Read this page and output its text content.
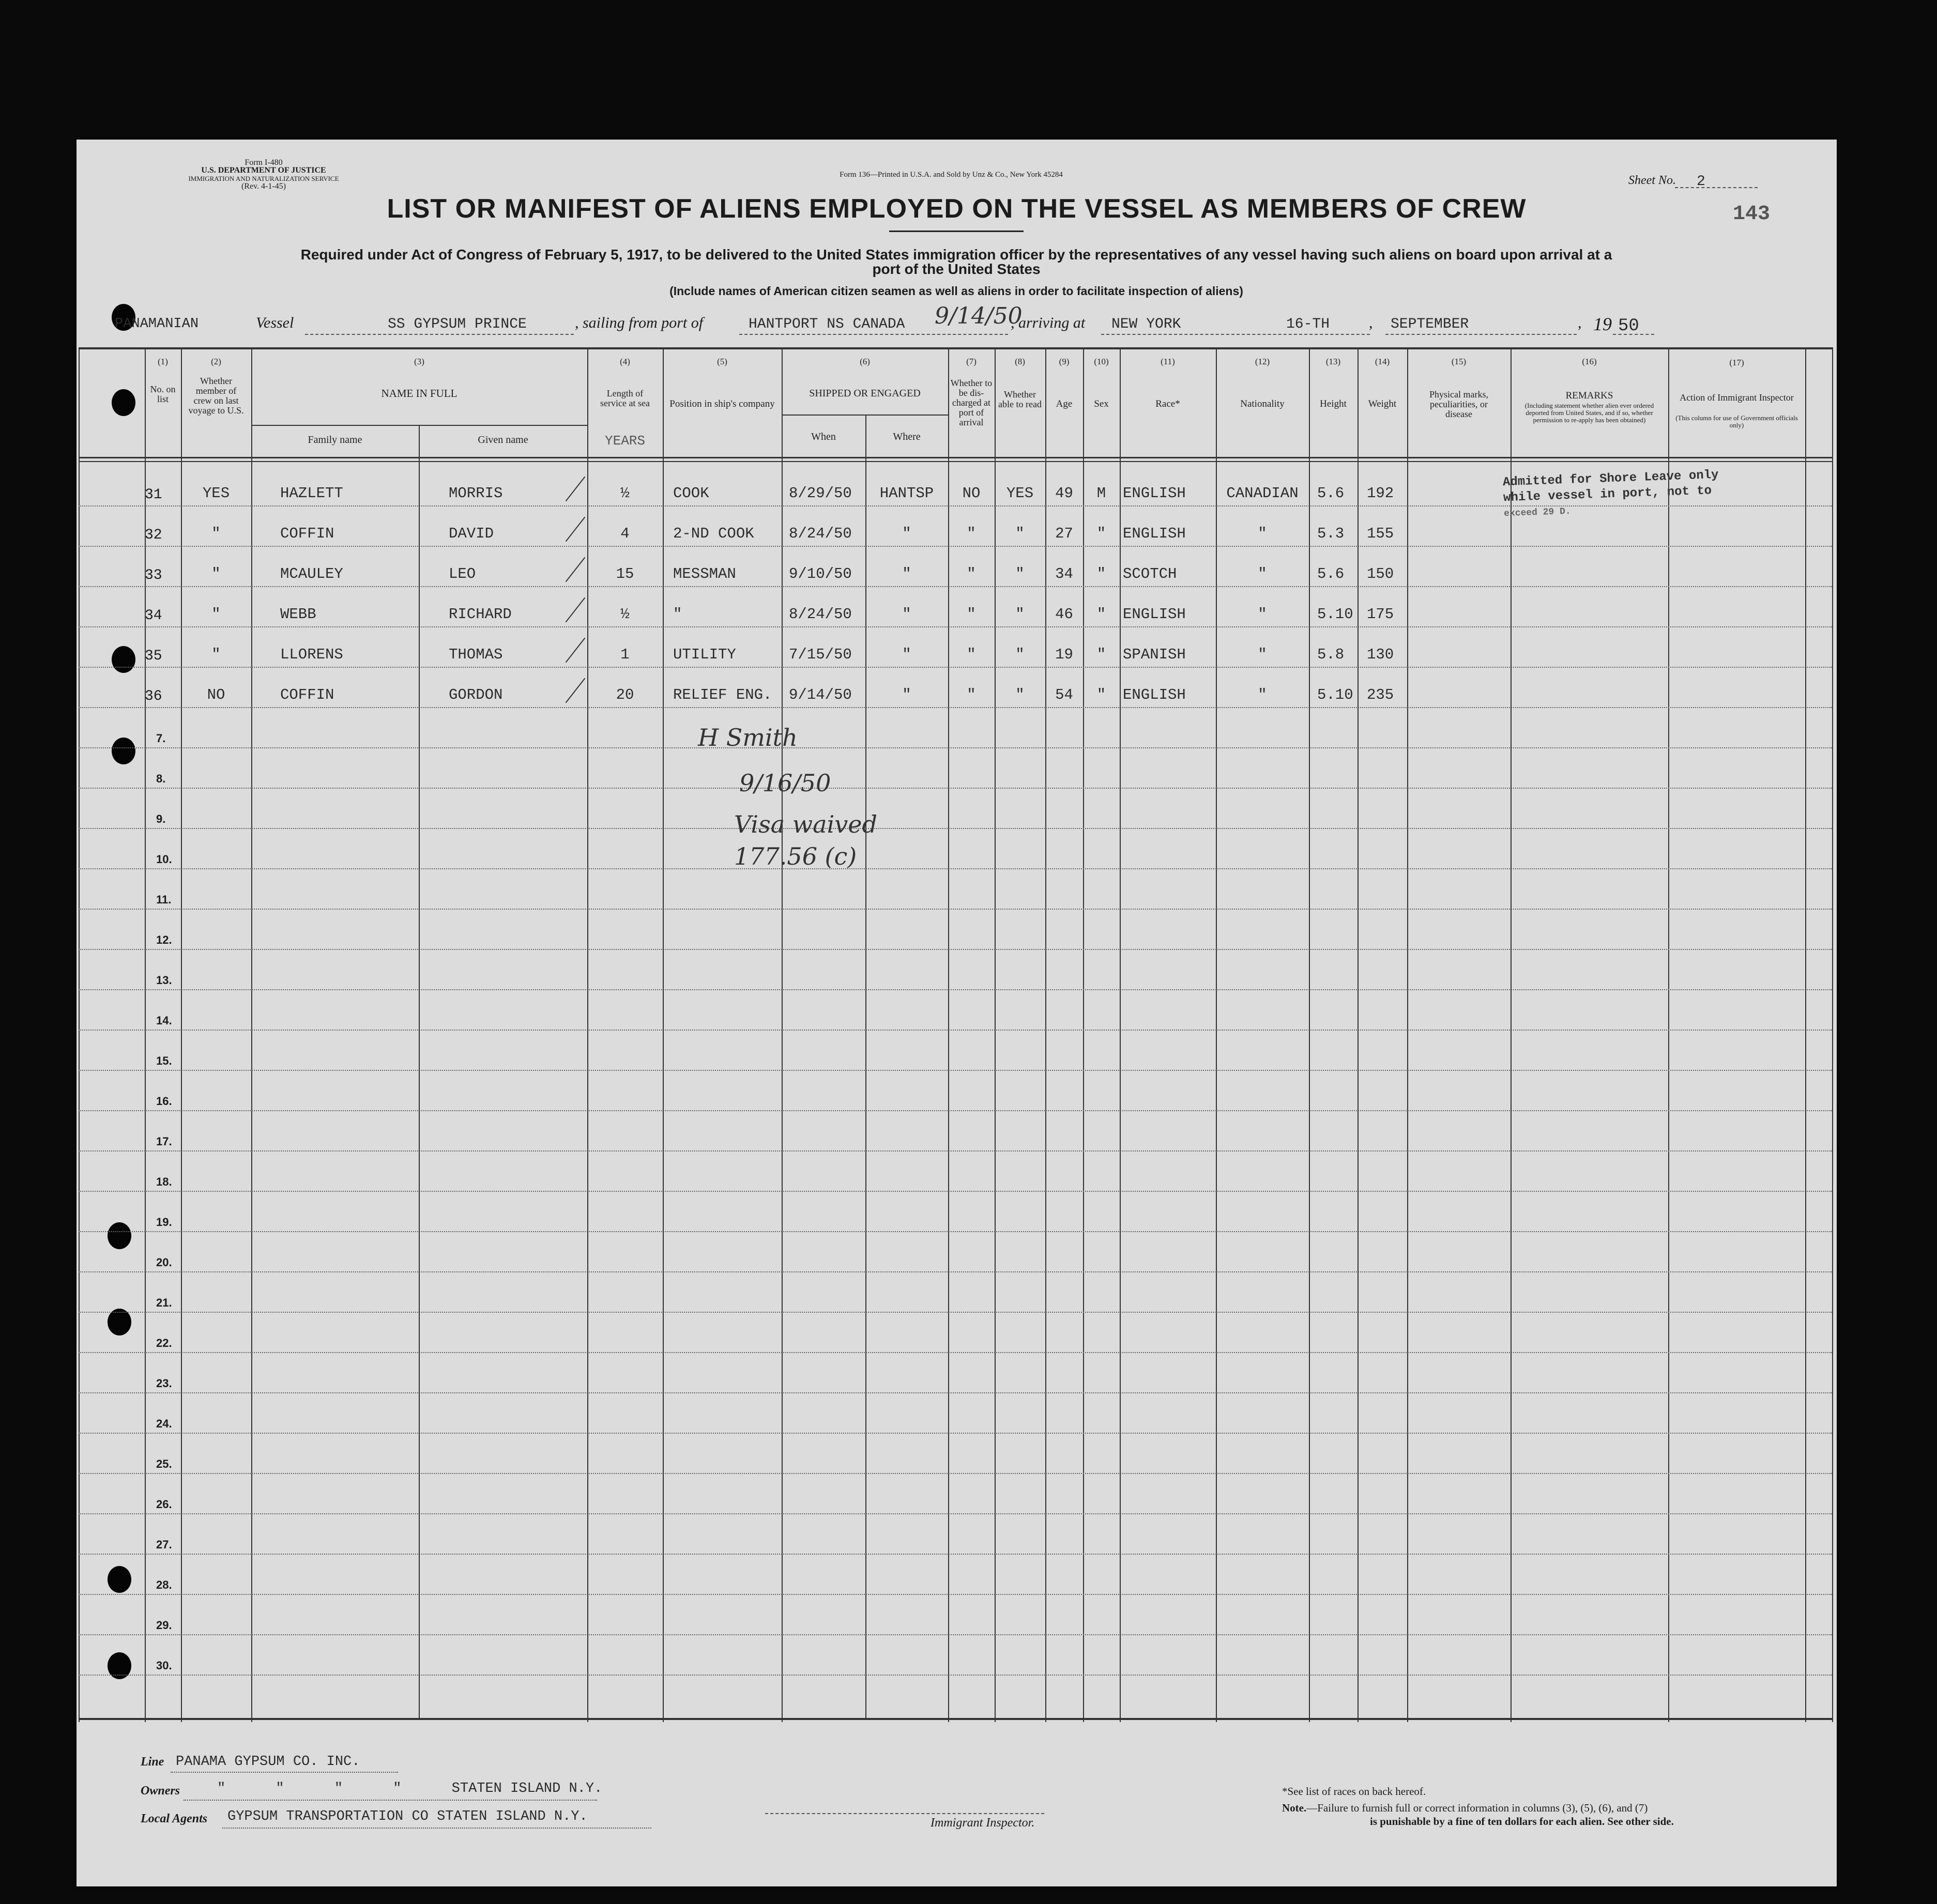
Form I-480
U.S. DEPARTMENT OF JUSTICE
IMMIGRATION AND NATURALIZATION SERVICE
(Rev. 4-1-45)
Form 136—Printed in U.S.A. and Sold by Unz & Co., New York 45284	Sheet No. 2
143
LIST OR MANIFEST OF ALIENS EMPLOYED ON THE VESSEL AS MEMBERS OF CREW
Required under Act of Congress of February 5, 1917, to be delivered to the United States immigration officer by the representatives of any vessel having such aliens on board upon arrival at a
port of the United States
(Include names of American citizen seamen as well as aliens in order to facilitate inspection of aliens)
PANAMANIAN	Vessel	SS GYPSUM PRINCE	, sailing from port of	HANTPORT NS CANADA 9/14/50
, arriving at NEW YORK	16-TH	, SEPTEMBER	, 19 50
(1)
No. on list
(2)
Whether member of crew on last voyage to U.S.
(3)
NAME IN FULL
Family name	Given name
(4)
Length of service at sea
YEARS
(5)
Position in ship's company
(6)
SHIPPED OR ENGAGED
When	Where
(7)
Whether to be dis-charged at port of arrival
(8)
Whether able to read
(9)
Age
(10)
Sex
(11)
Race*
(12)
Nationality
(13)
Height
(14)
Weight
(15)
Physical marks, peculiarities, or disease
(16)
REMARKS
(Including statement whether alien ever ordered deported from United States, and if so, whether permission to re-apply has been obtained)
(17)
Action of Immigrant Inspector
(This column for use of Government officials only)
31	YES	HAZLETT	MORRIS	½	COOK	8/29/50	HANTSP	NO	YES	49	M	ENGLISH	CANADIAN	5.6 192
32	"	COFFIN	DAVID	4	2-ND COOK 8/24/50	"	"	"	27	"	ENGLISH	"	5.3 155
33	"	MCAULEY	LEO	15	MESSMAN	9/10/50	"	"	"	34	"	SCOTCH	"	5.6 150
34	"	WEBB	RICHARD	½	"	8/24/50	"	"	"	46	"	ENGLISH	"	5.10 175
35	"	LLORENS	THOMAS	1	UTILITY	7/15/50	"	"	"	19	"	SPANISH	"	5.8 130
36	NO	COFFIN	GORDON	20	RELIEF ENG. 9/14/50	"	"	"	54	"	ENGLISH	"	5.10 235
7.
8.
9.
10.
11.
12.
13.
14.
15.
16.
17.
18.
19.
20.
21.
22.
23.
24.
25.
26.
27.
28.
29.
30.
Admitted for Shore Leave only
while vessel in port, not to
exceed 29 D.
H Smith
9/16/50
Visa waived
177.56 (c)
Line PANAMA GYPSUM CO. INC.
Owners	"      "      "      "      STATEN ISLAND N.Y.
Local Agents GYPSUM TRANSPORTATION CO STATEN ISLAND N.Y.	Immigrant Inspector.
*See list of races on back hereof.
Note.—Failure to furnish full or correct information in columns (3), (5), (6), and (7)
is punishable by a fine of ten dollars for each alien. See other side.
